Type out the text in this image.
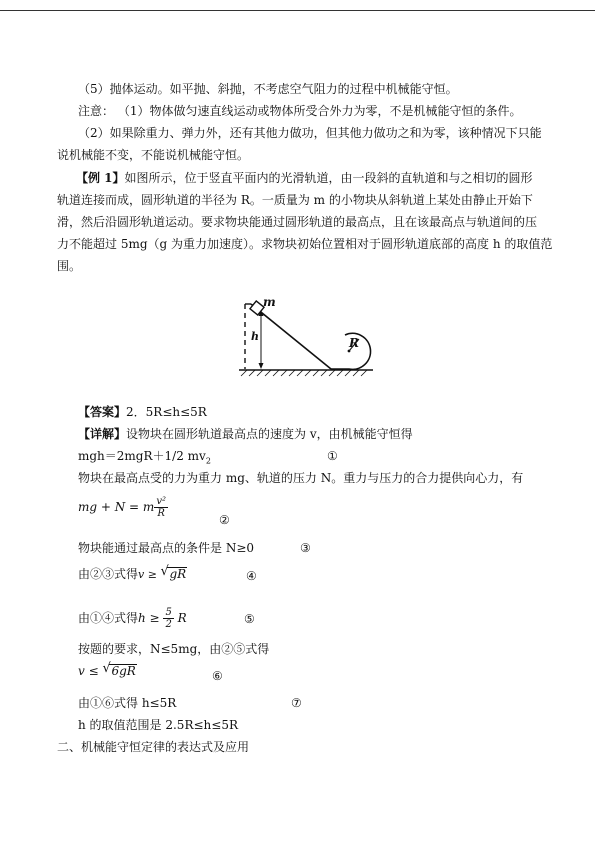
（5）抛体运动。如平抛、斜抛，不考虑空气阻力的过程中机械能守恒。
注意： （1）物体做匀速直线运动或物体所受合外力为零，不是机械能守恒的条件。
（2）如果除重力、弹力外，还有其他力做功，但其他力做功之和为零，该种情况下只能
说机械能不变，不能说机械能守恒。
【例 1】如图所示，位于竖直平面内的光滑轨道，由一段斜的直轨道和与之相切的圆形
轨道连接而成，圆形轨道的半径为 R。一质量为 m 的小物块从斜轨道上某处由静止开始下
滑，然后沿圆形轨道运动。要求物块能通过圆形轨道的最高点，且在该最高点与轨道间的压
力不能超过 5mg（g 为重力加速度）。求物块初始位置相对于圆形轨道底部的高度 h 的取值范
围。
m
h	R
【答案】2．5R≤h≤5R
【详解】设物块在圆形轨道最高点的速度为 v，由机械能守恒得
mgh＝2mgR＋1/2 $mv_2$	①
物块在最高点受的力为重力 mg、轨道的压力 N。重力与压力的合力提供向心力，有
mg + N = m $\frac{\text{v²}}{R}$
②
物块能通过最高点的条件是 N≥0	③
由②③式得v ≥ √ gR	④
由①④式得$h \ge \frac{5}{2}$ R	⑤
按题的要求，N≤5mg，由②⑤式得
v ≤ √ 6gR	⑥
由①⑥式得 h≤5R	⑦
h 的取值范围是 2.5R≤h≤5R
二、机械能守恒定律的表达式及应用
